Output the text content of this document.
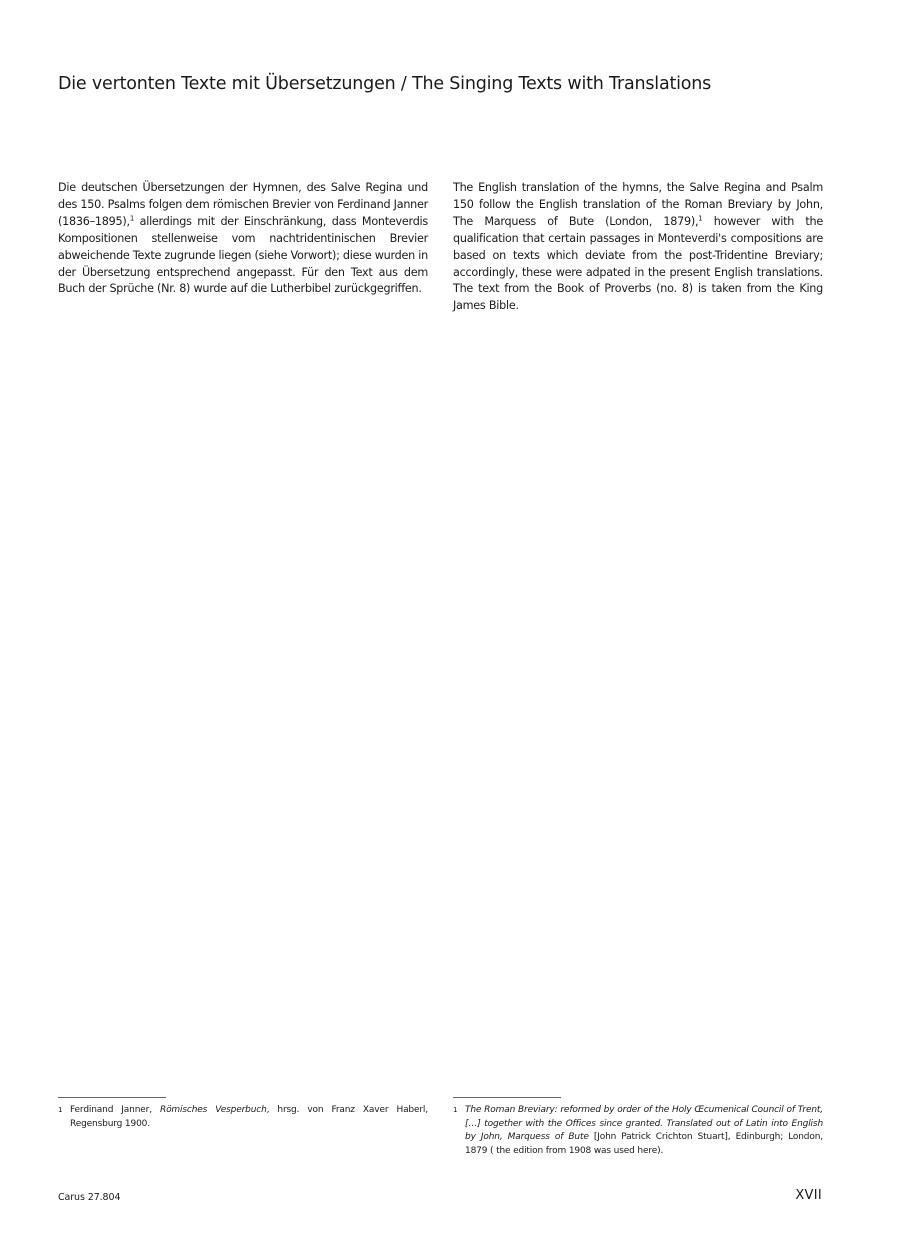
Die vertonten Texte mit Übersetzungen / The Singing Texts with Translations
Die deutschen Übersetzungen der Hymnen, des Salve Regina und des 150. Psalms folgen dem römischen Brevier von Ferdinand Janner (1836–1895),$^1$ allerdings mit der Einschränkung, dass Monteverdis Kompositionen stellenweise vom nachtridentinischen Brevier abweichende Texte zugrunde liegen (siehe Vorwort); diese wurden in der Übersetzung entsprechend angepasst. Für den Text aus dem Buch der Sprüche (Nr. 8) wurde auf die Lutherbibel zurückgegriffen.
The English translation of the hymns, the Salve Regina and Psalm 150 follow the English translation of the Roman Breviary by John, The Marquess of Bute (London, 1879),$^1$ however with the qualification that certain passages in Monteverdi's compositions are based on texts which deviate from the post-Tridentine Breviary; accordingly, these were adpated in the present English translations. The text from the Book of Proverbs (no. 8) is taken from the King James Bible.
1 Ferdinand Janner, Römisches Vesperbuch, hrsg. von Franz Xaver Haberl, Regensburg 1900.
1 The Roman Breviary: reformed by order of the Holy Œcumenical Council of Trent, […] together with the Offices since granted. Translated out of Latin into English by John, Marquess of Bute [John Patrick Crichton Stuart], Edinburgh; London, 1879 ( the edition from 1908 was used here).
Carus 27.804	XVII
